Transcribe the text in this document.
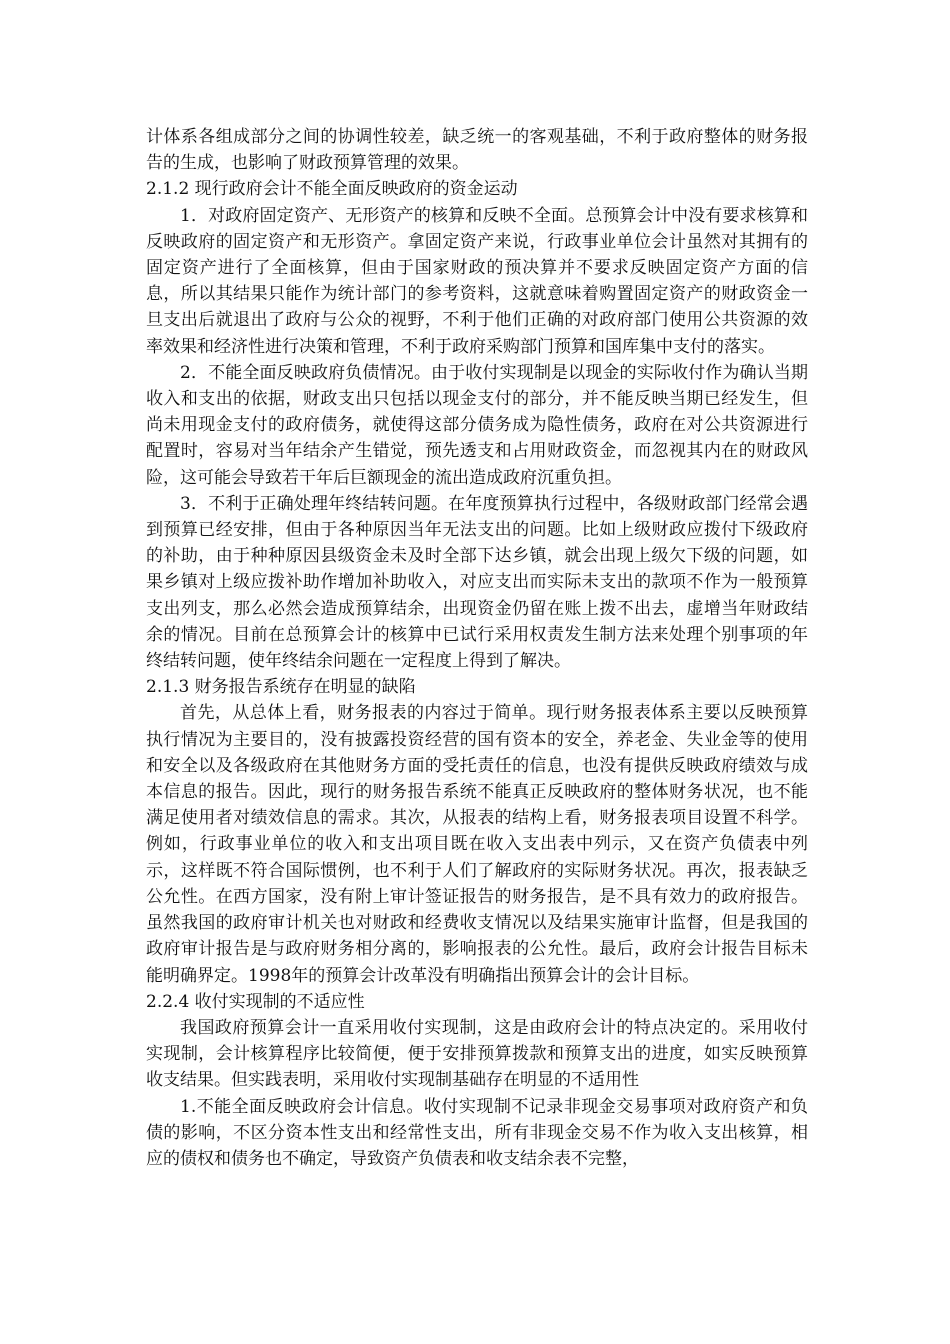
计体系各组成部分之间的协调性较差，缺乏统一的客观基础，不利于政府整体的财务报告的生成，也影响了财政预算管理的效果。

2.1.2 现行政府会计不能全面反映政府的资金运动

1．对政府固定资产、无形资产的核算和反映不全面。总预算会计中没有要求核算和反映政府的固定资产和无形资产。拿固定资产来说，行政事业单位会计虽然对其拥有的固定资产进行了全面核算，但由于国家财政的预决算并不要求反映固定资产方面的信息，所以其结果只能作为统计部门的参考资料，这就意味着购置固定资产的财政资金一旦支出后就退出了政府与公众的视野，不利于他们正确的对政府部门使用公共资源的效率效果和经济性进行决策和管理，不利于政府采购部门预算和国库集中支付的落实。

2．不能全面反映政府负债情况。由于收付实现制是以现金的实际收付作为确认当期收入和支出的依据，财政支出只包括以现金支付的部分，并不能反映当期已经发生，但尚未用现金支付的政府债务，就使得这部分债务成为隐性债务，政府在对公共资源进行配置时，容易对当年结余产生错觉，预先透支和占用财政资金，而忽视其内在的财政风险，这可能会导致若干年后巨额现金的流出造成政府沉重负担。

3．不利于正确处理年终结转问题。在年度预算执行过程中，各级财政部门经常会遇到预算已经安排，但由于各种原因当年无法支出的问题。比如上级财政应拨付下级政府的补助，由于种种原因县级资金未及时全部下达乡镇，就会出现上级欠下级的问题，如果乡镇对上级应拨补助作增加补助收入，对应支出而实际未支出的款项不作为一般预算支出列支，那么必然会造成预算结余，出现资金仍留在账上拨不出去，虚增当年财政结余的情况。目前在总预算会计的核算中已试行采用权责发生制方法来处理个别事项的年终结转问题，使年终结余问题在一定程度上得到了解决。

2.1.3 财务报告系统存在明显的缺陷

首先，从总体上看，财务报表的内容过于简单。现行财务报表体系主要以反映预算执行情况为主要目的，没有披露投资经营的国有资本的安全，养老金、失业金等的使用和安全以及各级政府在其他财务方面的受托责任的信息，也没有提供反映政府绩效与成本信息的报告。因此，现行的财务报告系统不能真正反映政府的整体财务状况，也不能满足使用者对绩效信息的需求。其次，从报表的结构上看，财务报表项目设置不科学。例如，行政事业单位的收入和支出项目既在收入支出表中列示，又在资产负债表中列示，这样既不符合国际惯例，也不利于人们了解政府的实际财务状况。再次，报表缺乏公允性。在西方国家，没有附上审计签证报告的财务报告，是不具有效力的政府报告。虽然我国的政府审计机关也对财政和经费收支情况以及结果实施审计监督，但是我国的政府审计报告是与政府财务相分离的，影响报表的公允性。最后，政府会计报告目标未能明确界定。1998年的预算会计改革没有明确指出预算会计的会计目标。

2.2.4 收付实现制的不适应性

我国政府预算会计一直采用收付实现制，这是由政府会计的特点决定的。采用收付实现制，会计核算程序比较简便，便于安排预算拨款和预算支出的进度，如实反映预算收支结果。但实践表明，采用收付实现制基础存在明显的不适用性

1.不能全面反映政府会计信息。收付实现制不记录非现金交易事项对政府资产和负债的影响，不区分资本性支出和经常性支出，所有非现金交易不作为收入支出核算，相应的债权和债务也不确定，导致资产负债表和收支结余表不完整，
